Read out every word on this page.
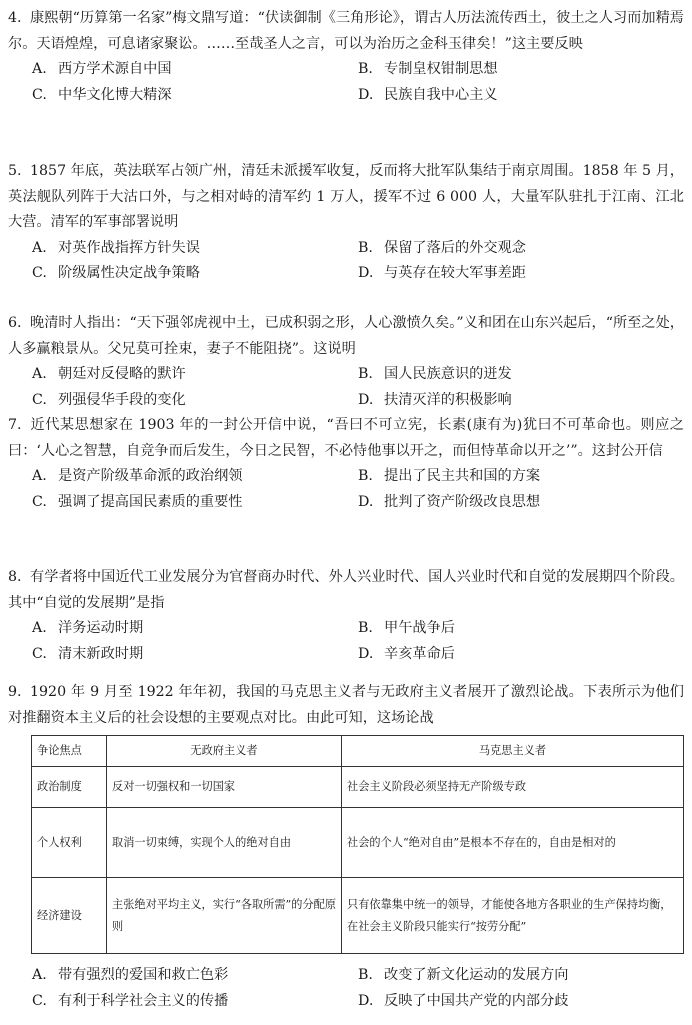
4. 康熙朝“历算第一名家”梅文鼎写道：“伏读御制《三角形论》，谓古人历法流传西土，彼土之人习而加精焉尔。天语煌煌，可息诸家聚讼。……至哉圣人之言，可以为治历之金科玉律矣！”这主要反映

A. 西方学术源自中国	B. 专制皇权钳制思想
C. 中华文化博大精深	D. 民族自我中心主义

5. 1857 年底，英法联军占领广州，清廷未派援军收复，反而将大批军队集结于南京周围。1858 年 5 月，英法舰队列阵于大沽口外，与之相对峙的清军约 1 万人，援军不过 6 000 人，大量军队驻扎于江南、江北大营。清军的军事部署说明

A. 对英作战指挥方针失误	B. 保留了落后的外交观念
C. 阶级属性决定战争策略	D. 与英存在较大军事差距

6. 晚清时人指出：“天下强邻虎视中土，已成积弱之形，人心激愤久矣。”义和团在山东兴起后，“所至之处，人多赢粮景从。父兄莫可拴束，妻子不能阻挠”。这说明

A. 朝廷对反侵略的默许	B. 国人民族意识的迸发
C. 列强侵华手段的变化	D. 扶清灭洋的积极影响

7. 近代某思想家在 1903 年的一封公开信中说，“吾曰不可立宪，长素(康有为)犹曰不可革命也。则应之曰：‘人心之智慧，自竞争而后发生，今日之民智，不必恃他事以开之，而但恃革命以开之’”。这封公开信

A. 是资产阶级革命派的政治纲领	B. 提出了民主共和国的方案
C. 强调了提高国民素质的重要性	D. 批判了资产阶级改良思想

8. 有学者将中国近代工业发展分为官督商办时代、外人兴业时代、国人兴业时代和自觉的发展期四个阶段。其中“自觉的发展期”是指

A. 洋务运动时期	B. 甲午战争后
C. 清末新政时期	D. 辛亥革命后

9. 1920 年 9 月至 1922 年年初，我国的马克思主义者与无政府主义者展开了激烈论战。下表所示为他们对推翻资本主义后的社会设想的主要观点对比。由此可知，这场论战

争论焦点	无政府主义者	马克思主义者
政治制度	反对一切强权和一切国家	社会主义阶段必须坚持无产阶级专政
个人权利	取消一切束缚，实现个人的绝对自由	社会的个人“绝对自由”是根本不存在的，自由是相对的
经济建设	主张绝对平均主义，实行“各取所需”的分配原则	只有依靠集中统一的领导，才能使各地方各职业的生产保持均衡，在社会主义阶段只能实行“按劳分配”
A. 带有强烈的爱国和救亡色彩	B. 改变了新文化运动的发展方向
C. 有利于科学社会主义的传播	D. 反映了中国共产党的内部分歧
